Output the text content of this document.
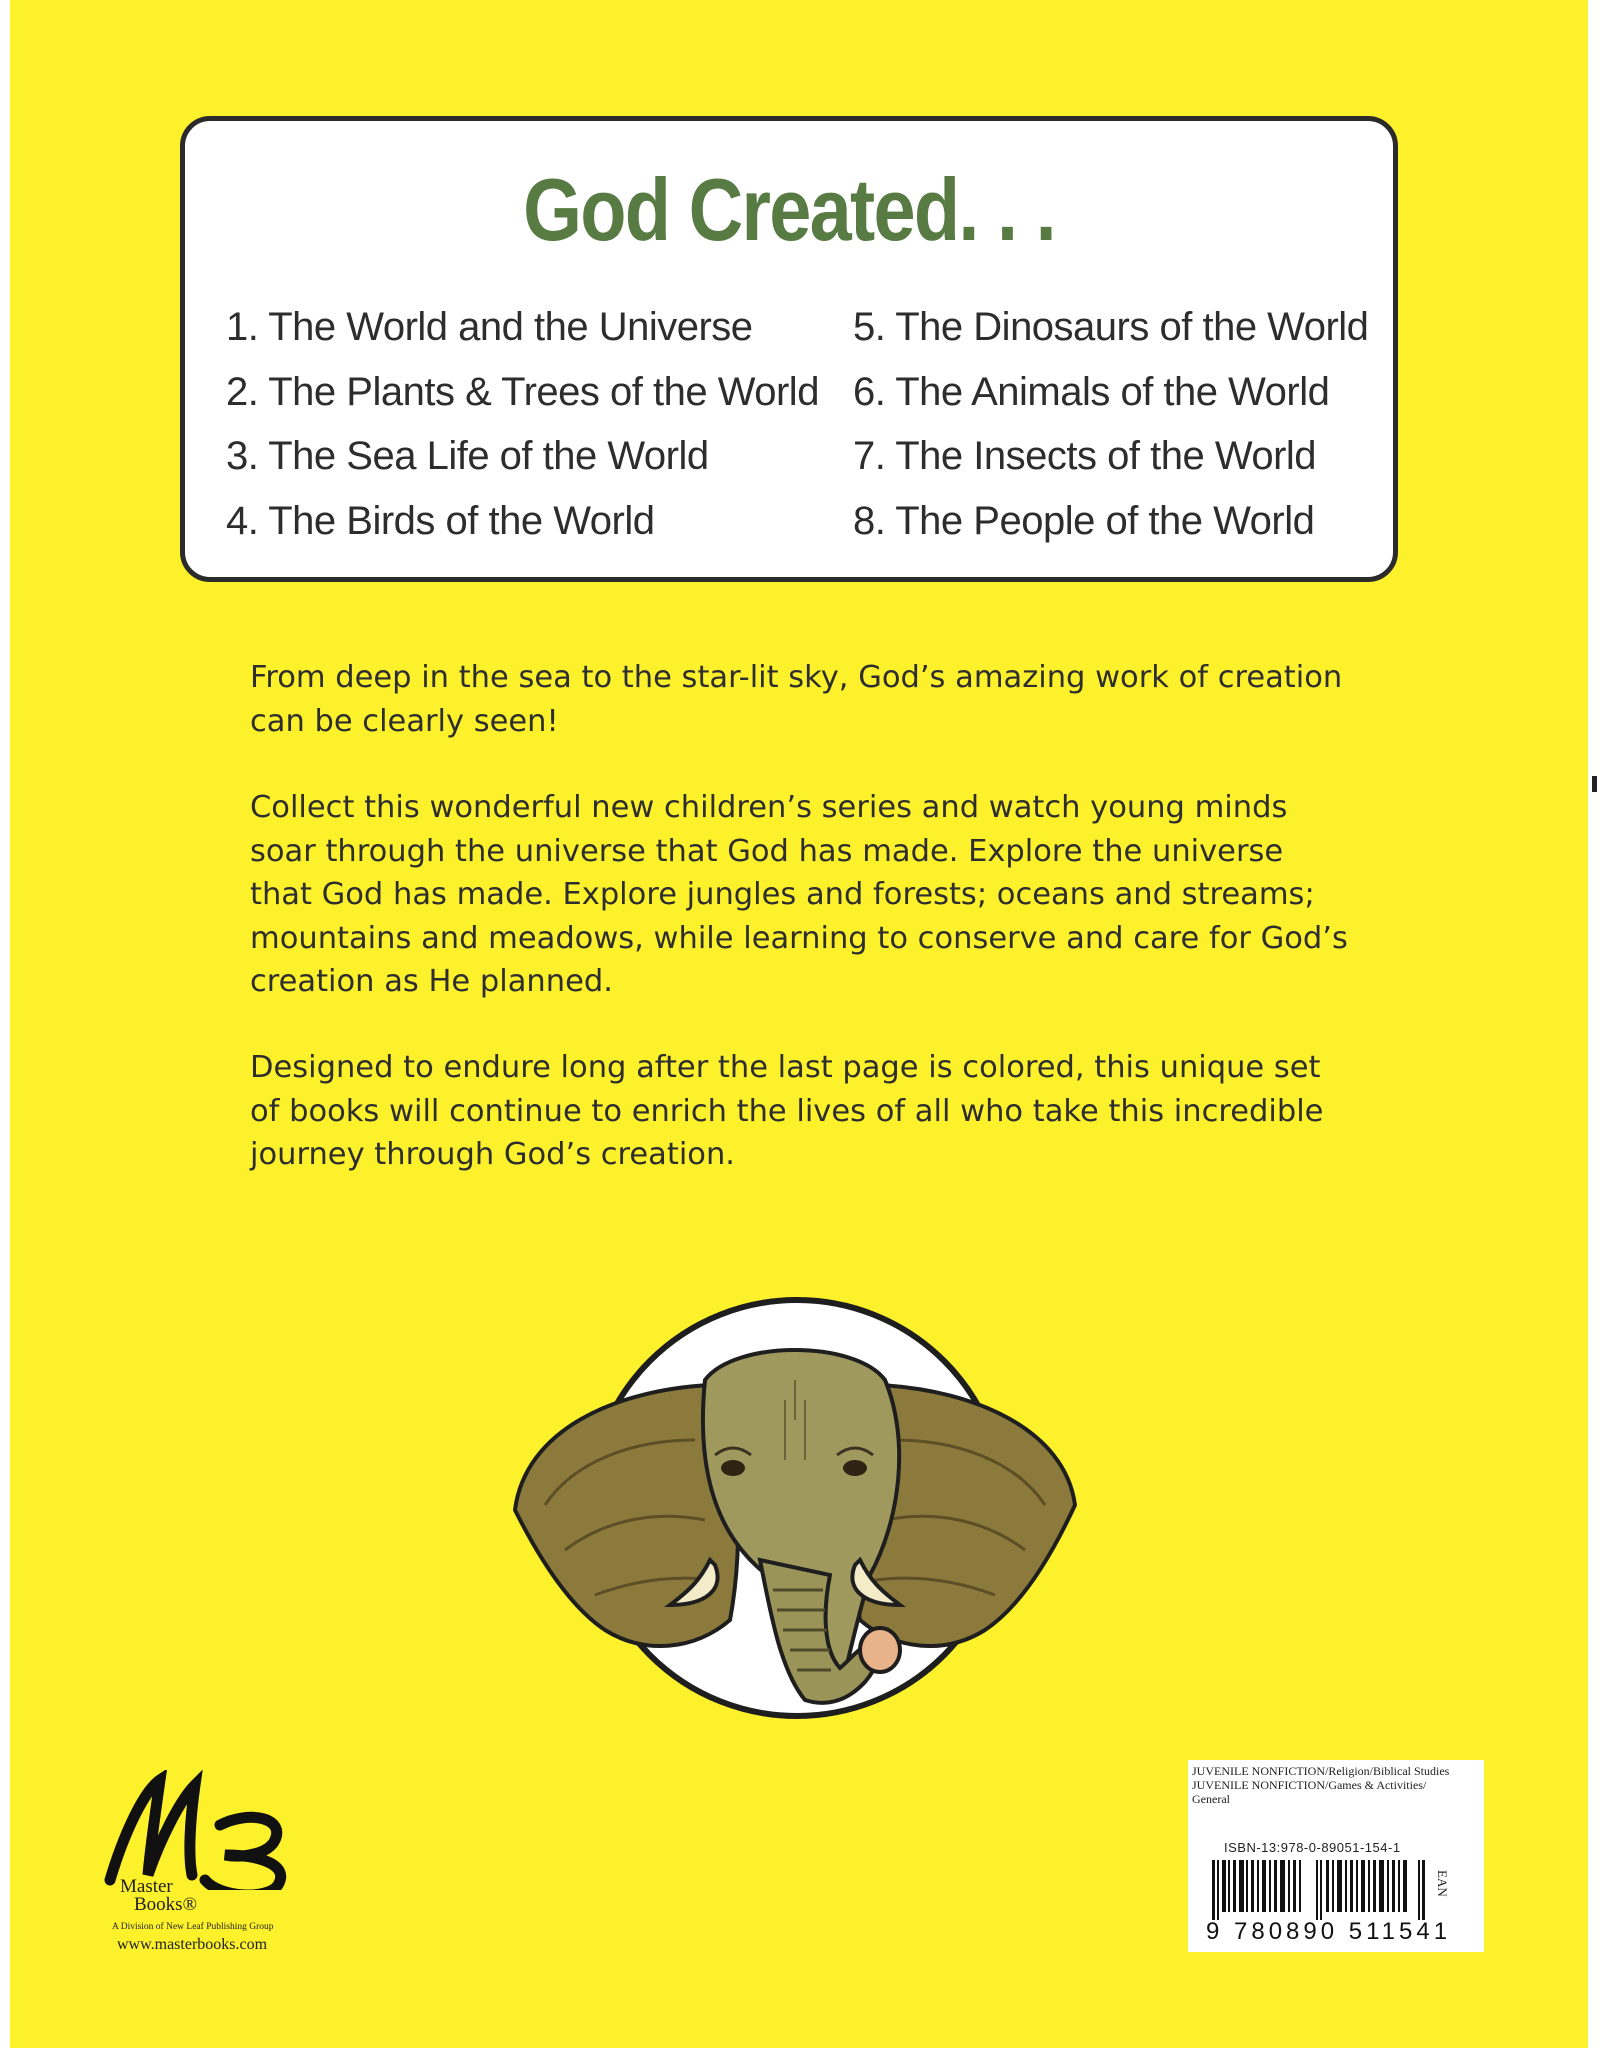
God Created. . .
1. The World and the Universe
2. The Plants & Trees of the World
3. The Sea Life of the World
4. The Birds of the World
5. The Dinosaurs of the World
6. The Animals of the World
7. The Insects of the World
8. The People of the World

From deep in the sea to the star-lit sky, God’s amazing work of creation can be clearly seen!

Collect this wonderful new children’s series and watch young minds soar through the universe that God has made. Explore the universe that God has made. Explore jungles and forests; oceans and streams; mountains and meadows, while learning to conserve and care for God’s creation as He planned.

Designed to endure long after the last page is colored, this unique set of books will continue to enrich the lives of all who take this incredible journey through God’s creation.

Master
Books®
A Division of New Leaf Publishing Group
www.masterbooks.com
JUVENILE NONFICTION/Religion/Biblical Studies
JUVENILE NONFICTION/Games & Activities/
General
ISBN-13:978-0-89051-154-1
EAN
9 780890 511541
